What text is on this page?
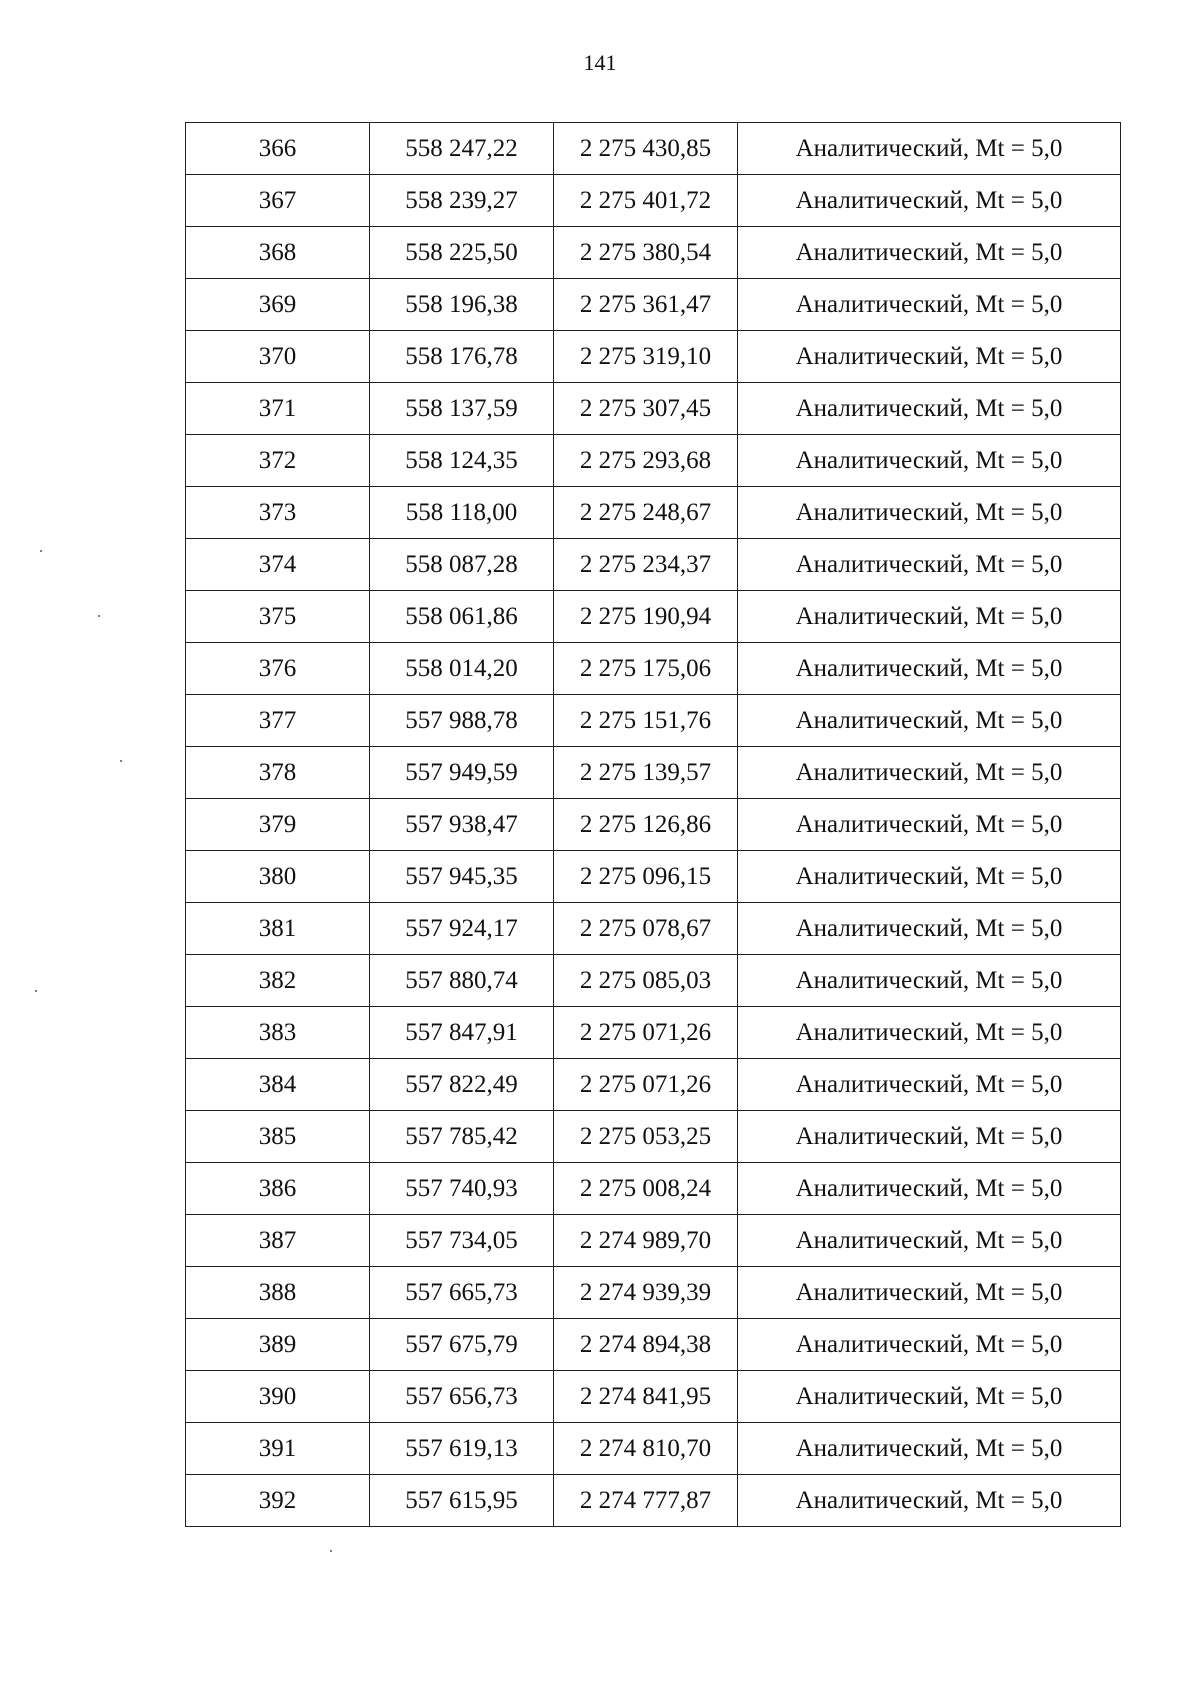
141
366	558 247,22	2 275 430,85	Аналитический, Mt = 5,0
367	558 239,27	2 275 401,72	Аналитический, Mt = 5,0
368	558 225,50	2 275 380,54	Аналитический, Mt = 5,0
369	558 196,38	2 275 361,47	Аналитический, Mt = 5,0
370	558 176,78	2 275 319,10	Аналитический, Mt = 5,0
371	558 137,59	2 275 307,45	Аналитический, Mt = 5,0
372	558 124,35	2 275 293,68	Аналитический, Mt = 5,0
373	558 118,00	2 275 248,67	Аналитический, Mt = 5,0
374	558 087,28	2 275 234,37	Аналитический, Mt = 5,0
375	558 061,86	2 275 190,94	Аналитический, Mt = 5,0
376	558 014,20	2 275 175,06	Аналитический, Mt = 5,0
377	557 988,78	2 275 151,76	Аналитический, Mt = 5,0
378	557 949,59	2 275 139,57	Аналитический, Mt = 5,0
379	557 938,47	2 275 126,86	Аналитический, Mt = 5,0
380	557 945,35	2 275 096,15	Аналитический, Mt = 5,0
381	557 924,17	2 275 078,67	Аналитический, Mt = 5,0
382	557 880,74	2 275 085,03	Аналитический, Mt = 5,0
383	557 847,91	2 275 071,26	Аналитический, Mt = 5,0
384	557 822,49	2 275 071,26	Аналитический, Mt = 5,0
385	557 785,42	2 275 053,25	Аналитический, Mt = 5,0
386	557 740,93	2 275 008,24	Аналитический, Mt = 5,0
387	557 734,05	2 274 989,70	Аналитический, Mt = 5,0
388	557 665,73	2 274 939,39	Аналитический, Mt = 5,0
389	557 675,79	2 274 894,38	Аналитический, Mt = 5,0
390	557 656,73	2 274 841,95	Аналитический, Mt = 5,0
391	557 619,13	2 274 810,70	Аналитический, Mt = 5,0
392	557 615,95	2 274 777,87	Аналитический, Mt = 5,0
